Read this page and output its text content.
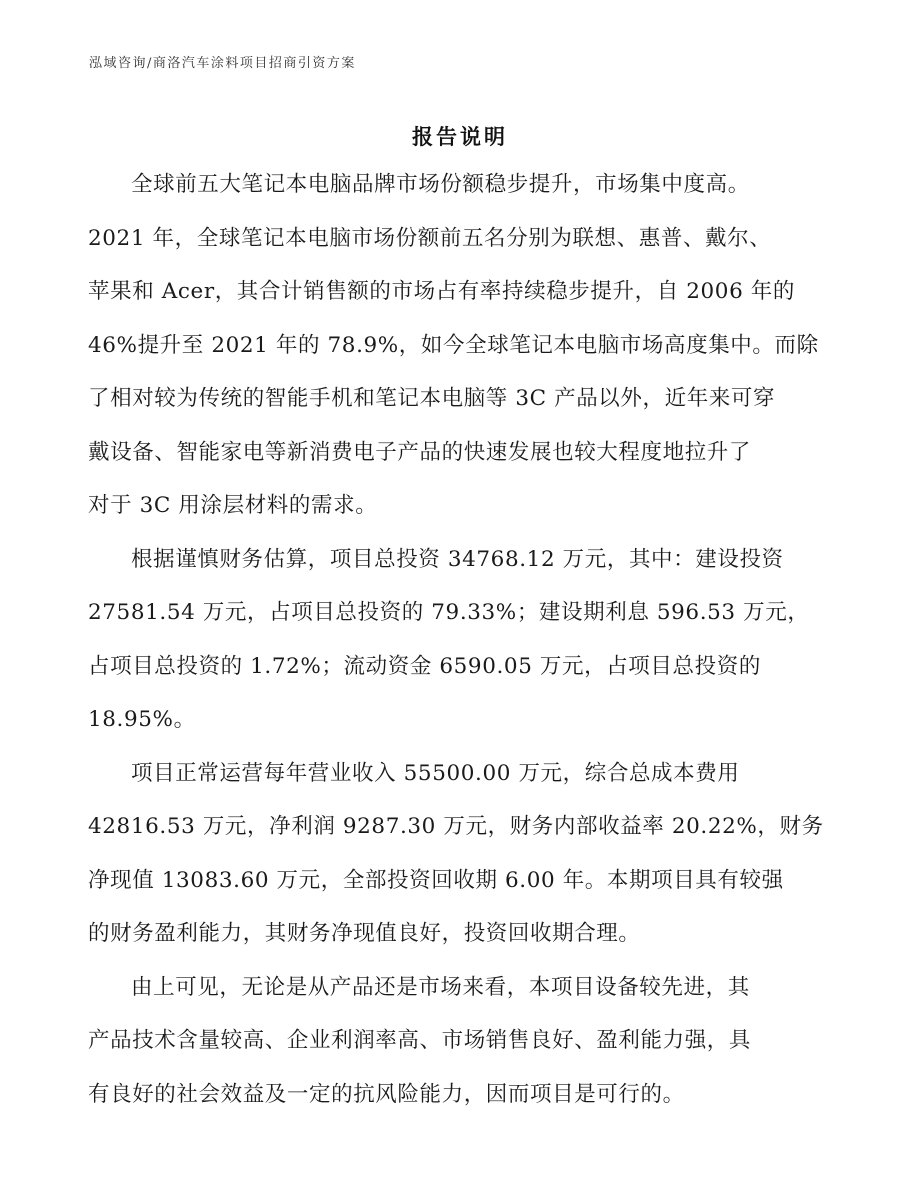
泓域咨询/商洛汽车涂料项目招商引资方案
报告说明
全球前五大笔记本电脑品牌市场份额稳步提升，市场集中度高。
2021 年，全球笔记本电脑市场份额前五名分别为联想、惠普、戴尔、
苹果和 Acer，其合计销售额的市场占有率持续稳步提升，自 2006 年的
46%提升至 2021 年的 78.9%，如今全球笔记本电脑市场高度集中。而除
了相对较为传统的智能手机和笔记本电脑等 3C 产品以外，近年来可穿
戴设备、智能家电等新消费电子产品的快速发展也较大程度地拉升了
对于 3C 用涂层材料的需求。
根据谨慎财务估算，项目总投资 34768.12 万元，其中：建设投资
27581.54 万元，占项目总投资的 79.33%；建设期利息 596.53 万元，
占项目总投资的 1.72%；流动资金 6590.05 万元，占项目总投资的
18.95%。
项目正常运营每年营业收入 55500.00 万元，综合总成本费用
42816.53 万元，净利润 9287.30 万元，财务内部收益率 20.22%，财务
净现值 13083.60 万元，全部投资回收期 6.00 年。本期项目具有较强
的财务盈利能力，其财务净现值良好，投资回收期合理。
由上可见，无论是从产品还是市场来看，本项目设备较先进，其
产品技术含量较高、企业利润率高、市场销售良好、盈利能力强，具
有良好的社会效益及一定的抗风险能力，因而项目是可行的。
